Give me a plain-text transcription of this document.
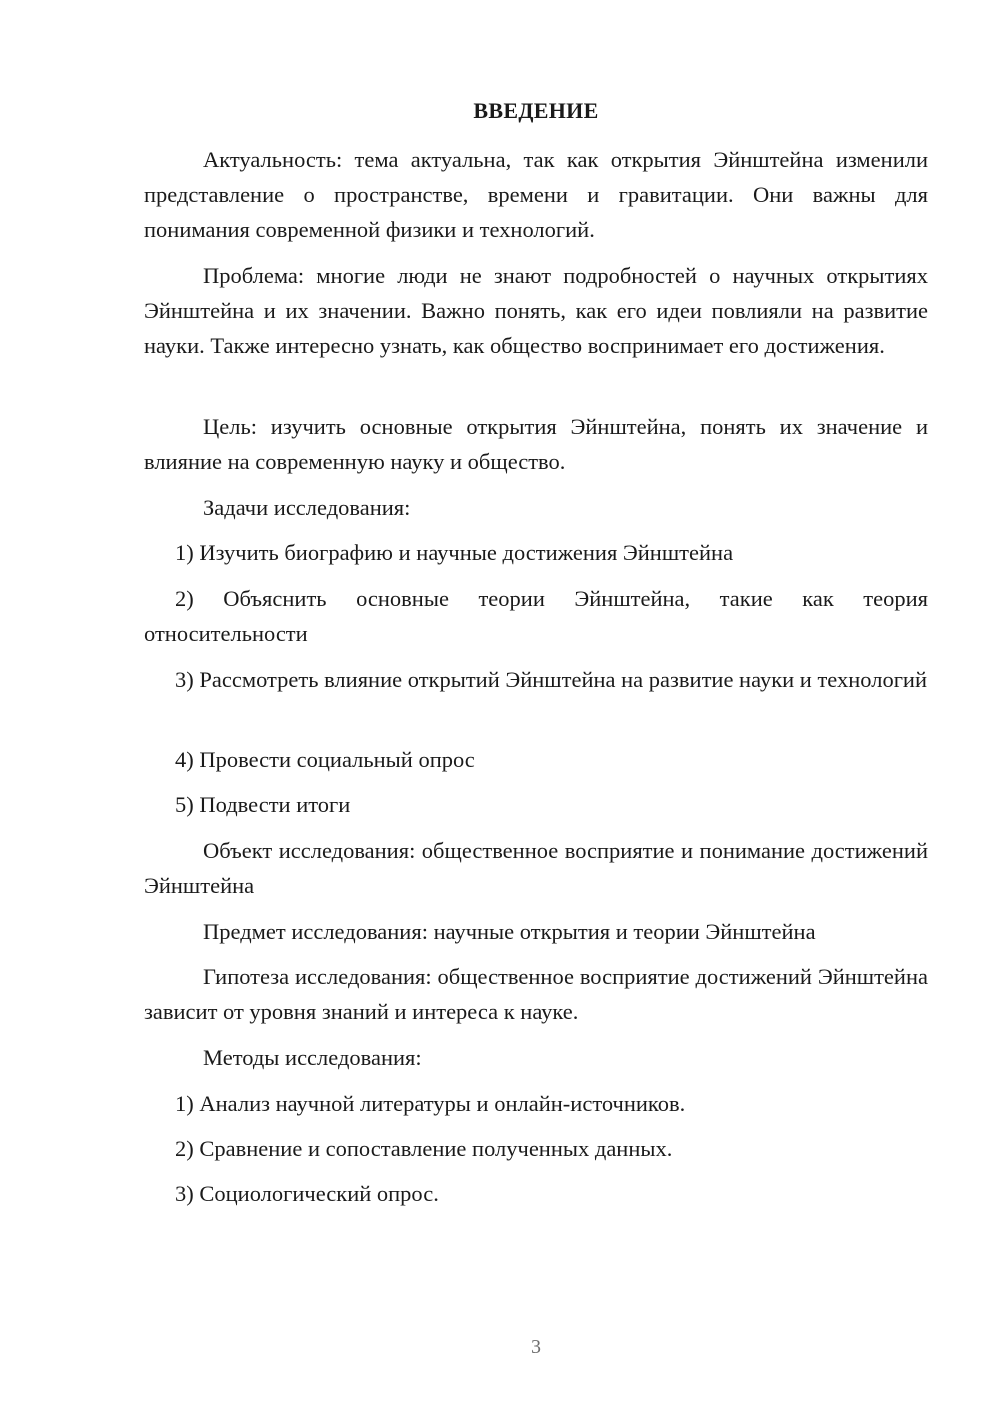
ВВЕДЕНИЕ
Актуальность: тема актуальна, так как открытия Эйнштейна изменили представление о пространстве, времени и гравитации. Они важны для понимания современной физики и технологий.
Проблема: многие люди не знают подробностей о научных открытиях Эйнштейна и их значении. Важно понять, как его идеи повлияли на развитие науки. Также интересно узнать, как общество воспринимает его достижения.
Цель: изучить основные открытия Эйнштейна, понять их значение и влияние на современную науку и общество.
Задачи исследования:
1) Изучить биографию и научные достижения Эйнштейна
2) Объяснить основные теории Эйнштейна, такие как теория относительности
3) Рассмотреть влияние открытий Эйнштейна на развитие науки и технологий
4) Провести социальный опрос
5) Подвести итоги
Объект исследования: общественное восприятие и понимание достижений Эйнштейна
Предмет исследования: научные открытия и теории Эйнштейна
Гипотеза исследования: общественное восприятие достижений Эйнштейна зависит от уровня знаний и интереса к науке.
Методы исследования:
1) Анализ научной литературы и онлайн-источников.
2) Сравнение и сопоставление полученных данных.
3) Социологический опрос.
3
